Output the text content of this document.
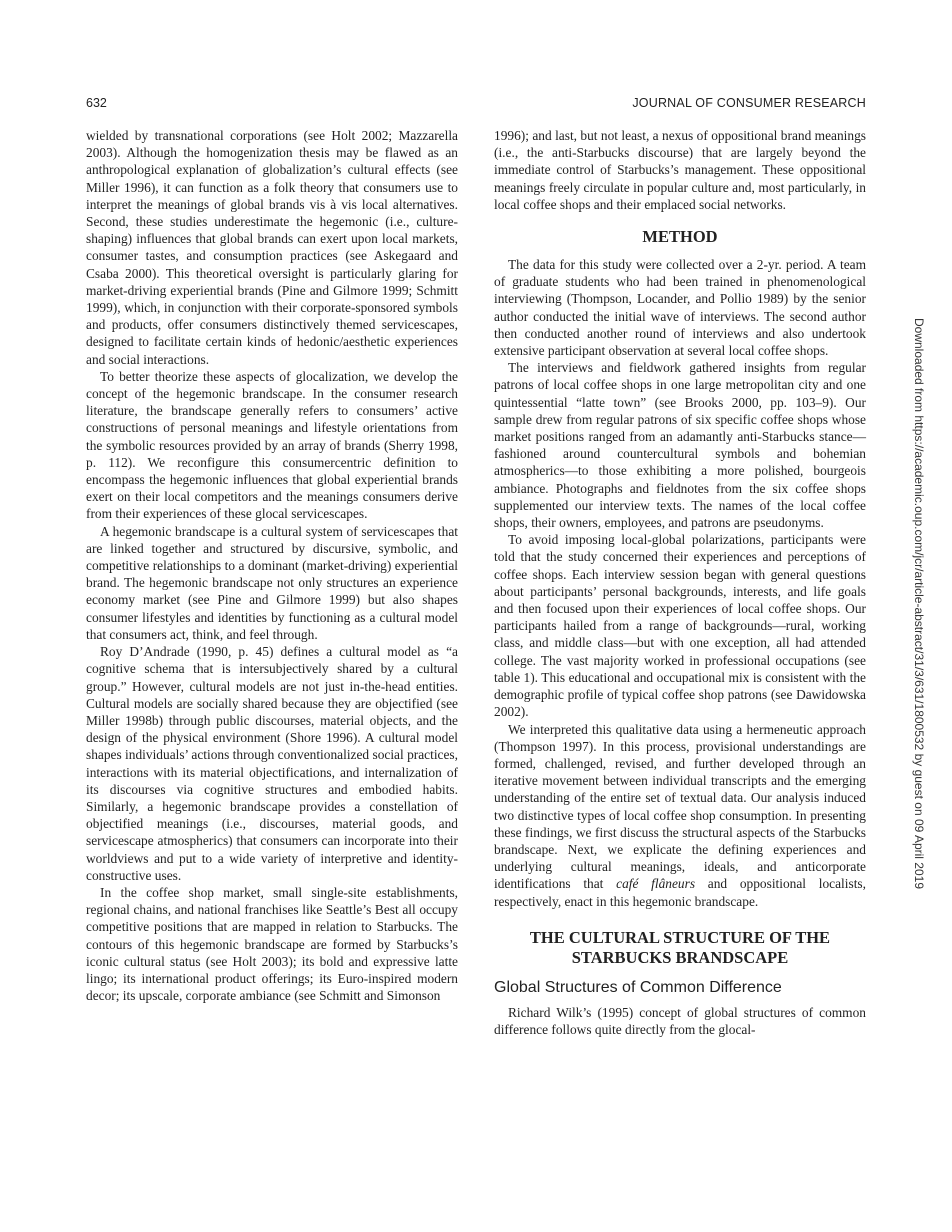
632	JOURNAL OF CONSUMER RESEARCH

wielded by transnational corporations (see Holt 2002; Mazzarella 2003). Although the homogenization thesis may be flawed as an anthropological explanation of globalization’s cultural effects (see Miller 1996), it can function as a folk theory that consumers use to interpret the meanings of global brands vis à vis local alternatives. Second, these studies underestimate the hegemonic (i.e., culture-shaping) influences that global brands can exert upon local markets, consumer tastes, and consumption practices (see Askegaard and Csaba 2000). This theoretical oversight is particularly glaring for market-driving experiential brands (Pine and Gilmore 1999; Schmitt 1999), which, in conjunction with their corporate-sponsored symbols and products, offer consumers distinctively themed servicescapes, designed to facilitate certain kinds of hedonic/aesthetic experiences and social interactions.

To better theorize these aspects of glocalization, we develop the concept of the hegemonic brandscape. In the consumer research literature, the brandscape generally refers to consumers’ active constructions of personal meanings and lifestyle orientations from the symbolic resources provided by an array of brands (Sherry 1998, p. 112). We reconfigure this consumercentric definition to encompass the hegemonic influences that global experiential brands exert on their local competitors and the meanings consumers derive from their experiences of these glocal servicescapes.

A hegemonic brandscape is a cultural system of servicescapes that are linked together and structured by discursive, symbolic, and competitive relationships to a dominant (market-driving) experiential brand. The hegemonic brandscape not only structures an experience economy market (see Pine and Gilmore 1999) but also shapes consumer lifestyles and identities by functioning as a cultural model that consumers act, think, and feel through.

Roy D’Andrade (1990, p. 45) defines a cultural model as “a cognitive schema that is intersubjectively shared by a cultural group.” However, cultural models are not just in-the-head entities. Cultural models are socially shared because they are objectified (see Miller 1998b) through public discourses, material objects, and the design of the physical environment (Shore 1996). A cultural model shapes individuals’ actions through conventionalized social practices, interactions with its material objectifications, and internalization of its discourses via cognitive structures and embodied habits. Similarly, a hegemonic brandscape provides a constellation of objectified meanings (i.e., discourses, material goods, and servicescape atmospherics) that consumers can incorporate into their worldviews and put to a wide variety of interpretive and identity-constructive uses.

In the coffee shop market, small single-site establishments, regional chains, and national franchises like Seattle’s Best all occupy competitive positions that are mapped in relation to Starbucks. The contours of this hegemonic brandscape are formed by Starbucks’s iconic cultural status (see Holt 2003); its bold and expressive latte lingo; its international product offerings; its Euro-inspired modern decor; its upscale, corporate ambiance (see Schmitt and Simonson

1996); and last, but not least, a nexus of oppositional brand meanings (i.e., the anti-Starbucks discourse) that are largely beyond the immediate control of Starbucks’s management. These oppositional meanings freely circulate in popular culture and, most particularly, in local coffee shops and their emplaced social networks.

METHOD

The data for this study were collected over a 2-yr. period. A team of graduate students who had been trained in phenomenological interviewing (Thompson, Locander, and Pollio 1989) by the senior author conducted the initial wave of interviews. The second author then conducted another round of interviews and also undertook extensive participant observation at several local coffee shops.

The interviews and fieldwork gathered insights from regular patrons of local coffee shops in one large metropolitan city and one quintessential “latte town” (see Brooks 2000, pp. 103–9). Our sample drew from regular patrons of six specific coffee shops whose market positions ranged from an adamantly anti-Starbucks stance—fashioned around countercultural symbols and bohemian atmospherics—to those exhibiting a more polished, bourgeois ambiance. Photographs and fieldnotes from the six coffee shops supplemented our interview texts. The names of the local coffee shops, their owners, employees, and patrons are pseudonyms.

To avoid imposing local-global polarizations, participants were told that the study concerned their experiences and perceptions of coffee shops. Each interview session began with general questions about participants’ personal backgrounds, interests, and life goals and then focused upon their experiences of local coffee shops. Our participants hailed from a range of backgrounds—rural, working class, and middle class—but with one exception, all had attended college. The vast majority worked in professional occupations (see table 1). This educational and occupational mix is consistent with the demographic profile of typical coffee shop patrons (see Dawidowska 2002).

We interpreted this qualitative data using a hermeneutic approach (Thompson 1997). In this process, provisional understandings are formed, challenged, revised, and further developed through an iterative movement between individual transcripts and the emerging understanding of the entire set of textual data. Our analysis induced two distinctive types of local coffee shop consumption. In presenting these findings, we first discuss the structural aspects of the Starbucks brandscape. Next, we explicate the defining experiences and underlying cultural meanings, ideals, and anticorporate identifications that café flâneurs and oppositional localists, respectively, enact in this hegemonic brandscape.

THE CULTURAL STRUCTURE OF THE STARBUCKS BRANDSCAPE
Global Structures of Common Difference

Richard Wilk’s (1995) concept of global structures of common difference follows quite directly from the glocal-

Downloaded from https://academic.oup.com/jcr/article-abstract/31/3/631/1800532 by guest on 09 April 2019
